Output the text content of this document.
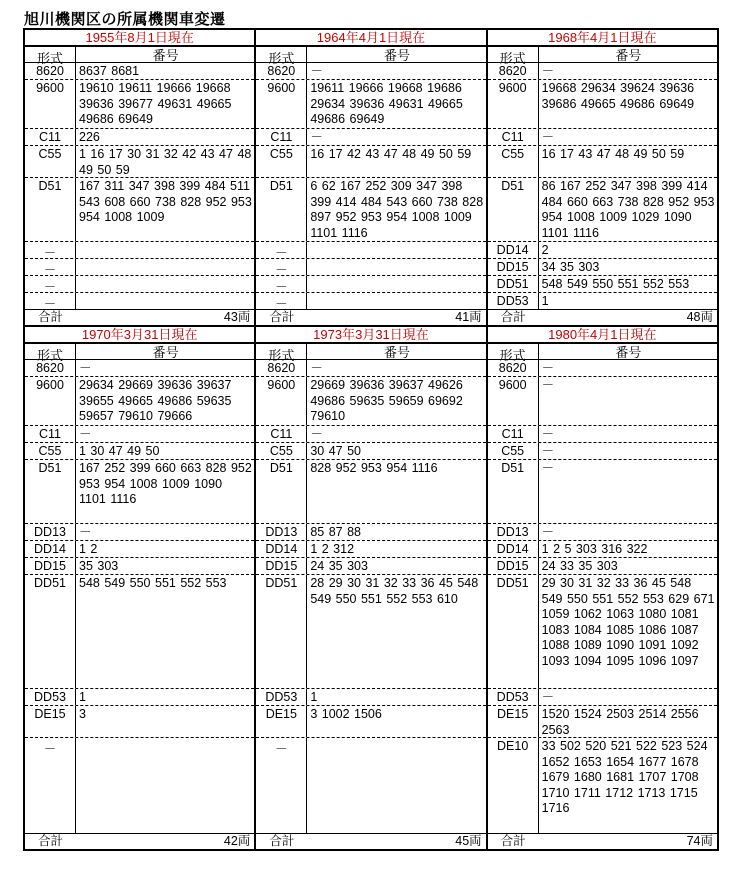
旭川機関区の所属機関車変遷
1955年8月1日現在
形式	番号
8620	8637 8681
9600	19610 19611 19666 19668 39636 39677 49631 49665 49686 69649
C11	226
C55	1 16 17 30 31 32 42 43 47 48 49 50 59
D51	167 311 347 398 399 484 511 543 608 660 738 828 952 953 954 1008 1009
－
－
－
－
合計	43両
1964年4月1日現在
形式	番号
8620	－
9600	19611 19666 19668 19686 29634 39636 49631 49665 49686 69649
C11	－
C55	16 17 42 43 47 48 49 50 59
D51	6 62 167 252 309 347 398 399 414 484 543 660 738 828 897 952 953 954 1008 1009 1101 1116
－
－
－
－
合計	41両
1968年4月1日現在
形式	番号
8620	－
9600	19668 29634 39624 39636 39686 49665 49686 69649
C11	－
C55	16 17 43 47 48 49 50 59
D51	86 167 252 347 398 399 414 484 660 663 738 828 952 953 954 1008 1009 1029 1090 1101 1116
DD14	2
DD15	34 35 303
DD51	548 549 550 551 552 553
DD53	1
合計	48両
1970年3月31日現在
形式	番号
8620	－
9600	29634 29669 39636 39637 39655 49665 49686 59635 59657 79610 79666
C11	－
C55	1 30 47 49 50
D51	167 252 399 660 663 828 952 953 954 1008 1009 1090 1101 1116
DD13	－
DD14	1 2
DD15	35 303
DD51	548 549 550 551 552 553
DD53	1
DE15	3
－
合計	42両
1973年3月31日現在
形式	番号
8620	－
9600	29669 39636 39637 49626 49686 59635 59659 69692 79610
C11	－
C55	30 47 50
D51	828 952 953 954 1116
DD13	85 87 88
DD14	1 2 312
DD15	24 35 303
DD51	28 29 30 31 32 33 36 45 548 549 550 551 552 553 610
DD53	1
DE15	3 1002 1506
－
合計	45両
1980年4月1日現在
形式	番号
8620	－
9600	－
C11	－
C55	－
D51	－
DD13	－
DD14	1 2 5 303 316 322
DD15	24 33 35 303
DD51	29 30 31 32 33 36 45 548 549 550 551 552 553 629 671 1059 1062 1063 1080 1081 1083 1084 1085 1086 1087 1088 1089 1090 1091 1092 1093 1094 1095 1096 1097
DD53	－
DE15	1520 1524 2503 2514 2556 2563
DE10	33 502 520 521 522 523 524 1652 1653 1654 1677 1678 1679 1680 1681 1707 1708 1710 1711 1712 1713 1715 1716
合計	74両
